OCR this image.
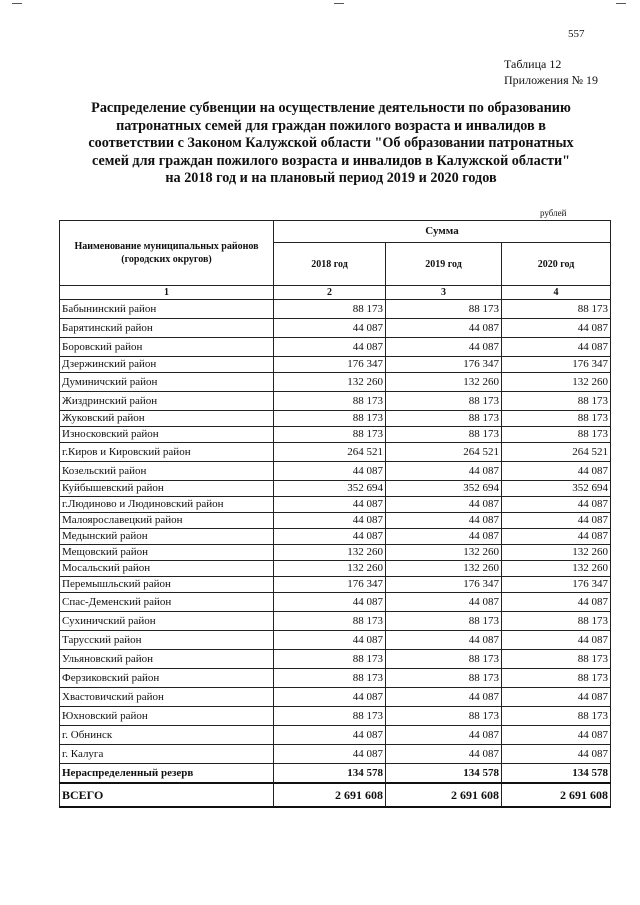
557
Таблица 12
Приложения № 19
Распределение субвенции на осуществление деятельности по образованию
патронатных семей для граждан пожилого возраста и инвалидов в
соответствии с Законом Калужской области "Об образовании патронатных
семей для граждан пожилого возраста и инвалидов в Калужской области"
на 2018 год и на плановый период 2019 и 2020 годов
рублей
Наименование муниципальных районов (городских округов)	Сумма		
	2018 год	2019 год	2020 год
1	2	3	4
Бабынинский район	88 173	88 173	88 173
Барятинский район	44 087	44 087	44 087
Боровский район	44 087	44 087	44 087
Дзержинский район	176 347	176 347	176 347
Думиничский район	132 260	132 260	132 260
Жиздринский район	88 173	88 173	88 173
Жуковский район	88 173	88 173	88 173
Износковский район	88 173	88 173	88 173
г.Киров и Кировский район	264 521	264 521	264 521
Козельский район	44 087	44 087	44 087
Куйбышевский район	352 694	352 694	352 694
г.Людиново и Людиновский район	44 087	44 087	44 087
Малоярославецкий район	44 087	44 087	44 087
Медынский район	44 087	44 087	44 087
Мещовский район	132 260	132 260	132 260
Мосальский район	132 260	132 260	132 260
Перемышльский район	176 347	176 347	176 347
Спас-Деменский район	44 087	44 087	44 087
Сухиничский район	88 173	88 173	88 173
Тарусский район	44 087	44 087	44 087
Ульяновский район	88 173	88 173	88 173
Ферзиковский район	88 173	88 173	88 173
Хвастовичский район	44 087	44 087	44 087
Юхновский район	88 173	88 173	88 173
г. Обнинск	44 087	44 087	44 087
г. Калуга	44 087	44 087	44 087
Нераспределенный резерв	134 578	134 578	134 578
ВСЕГО	2 691 608	2 691 608	2 691 608
